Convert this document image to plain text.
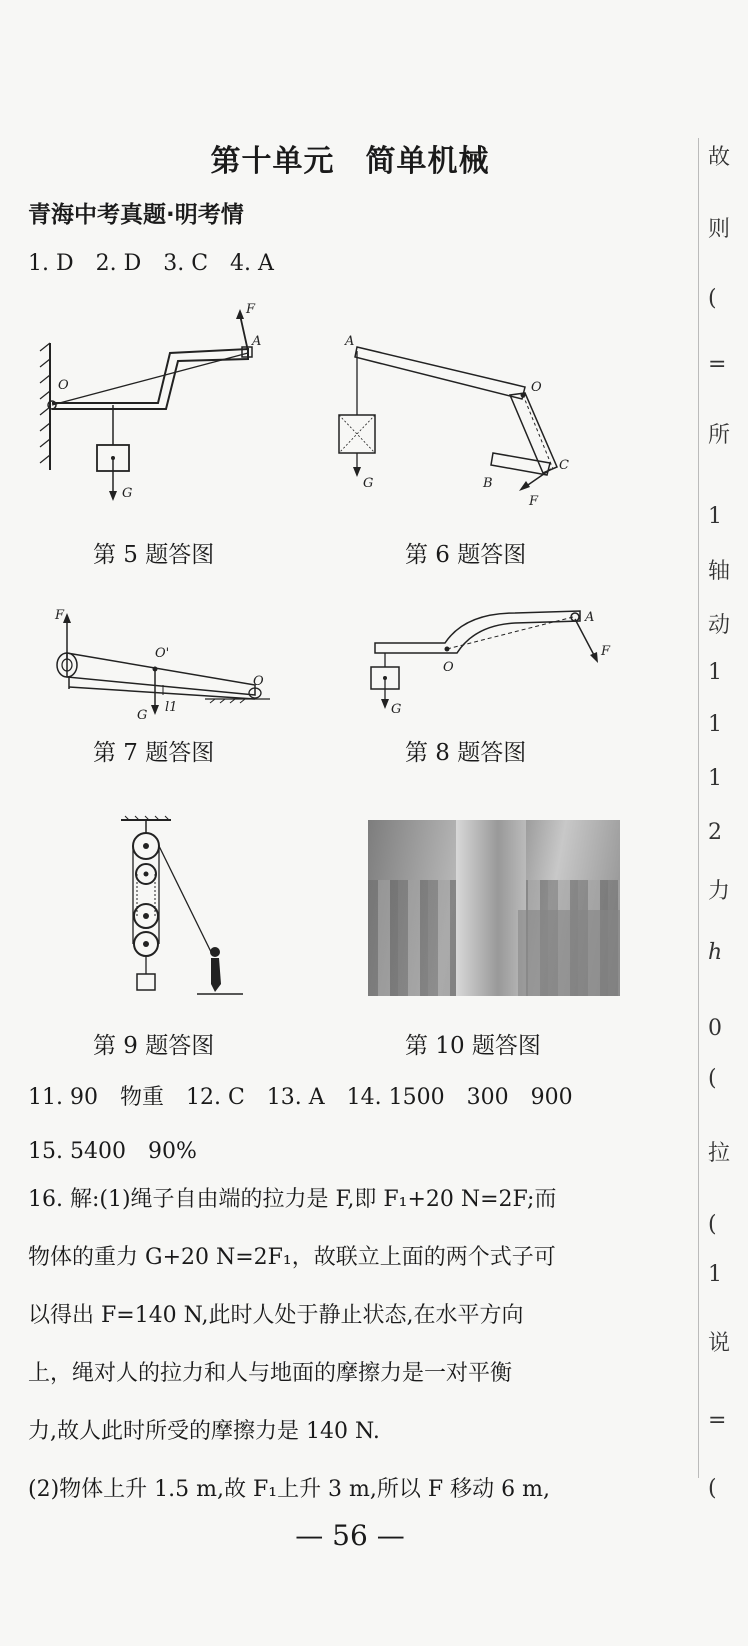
第十单元　简单机械
青海中考真题·明考情
1. D　2. D　3. C　4. A
F
A
O
G
第 5 题答图
A
O
B
C
G
F
第 6 题答图
F
O'
O
G
l1
第 7 题答图
A
F
O
G
第 8 题答图
第 9 题答图	第 10 题答图
11. 90　物重　12. C　13. A　14. 1500　300　900
15. 5400　90%
16. 解:(1)绳子自由端的拉力是 F,即 F₁+20 N=2F;而
物体的重力 G+20 N=2F₁，故联立上面的两个式子可
以得出 F=140 N,此时人处于静止状态,在水平方向
上，绳对人的拉力和人与地面的摩擦力是一对平衡
力,故人此时所受的摩擦力是 140 N.
(2)物体上升 1.5 m,故 F₁上升 3 m,所以 F 移动 6 m,
— 56 —
故
则
(
=
所
1
轴
动
1
1
1
2
力
h
0
(
拉
(
1
说
=
(
